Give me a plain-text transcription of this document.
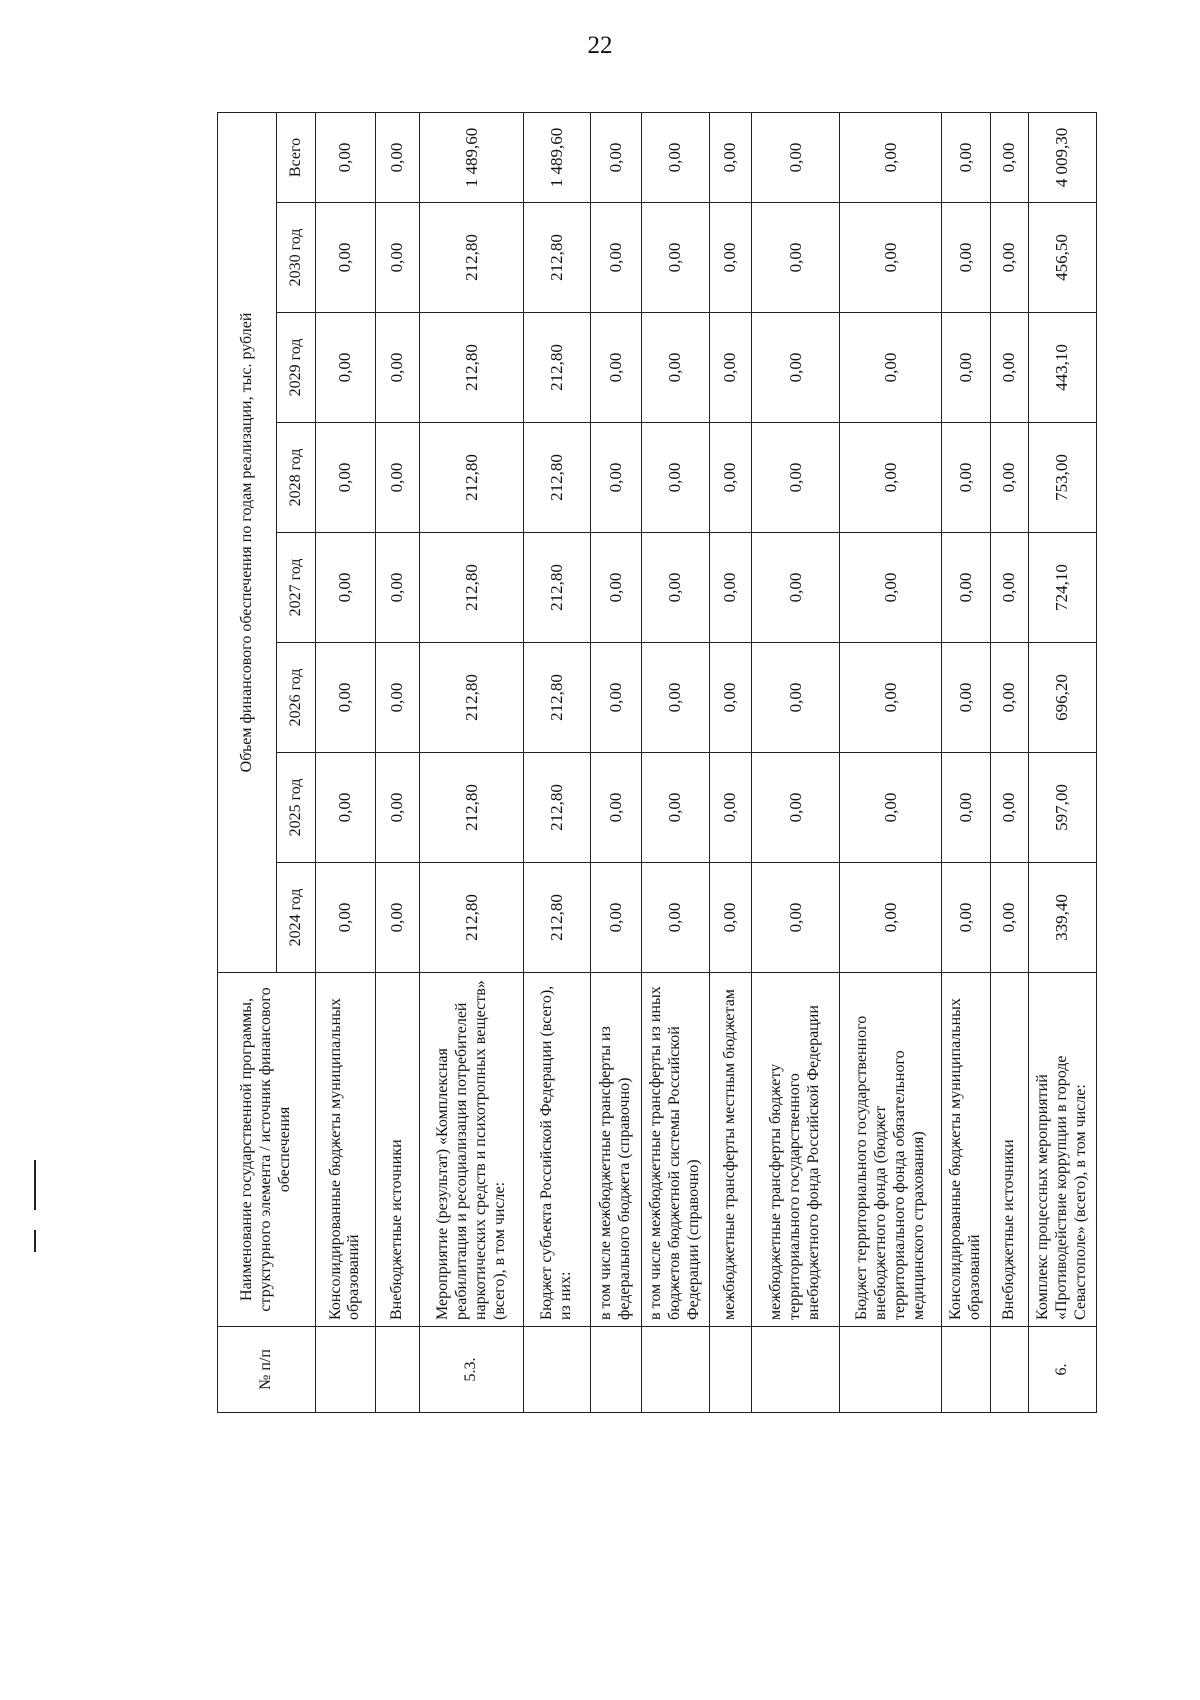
22
№ п/п	Наименование государственной программы, структурного элемента / источник финансового обеспечения	Объем финансового обеспечения по годам реализации, тыс. рублей							
		2024 год	2025 год	2026 год	2027 год	2028 год	2029 год	2030 год	Всего
	Консолидированные бюджеты муниципальных образований	0,00	0,00	0,00	0,00	0,00	0,00	0,00	0,00
	Внебюджетные источники	0,00	0,00	0,00	0,00	0,00	0,00	0,00	0,00
5.3.	Мероприятие (результат) «Комплексная реабилитация и ресоциализация потребителей наркотических средств и психотропных веществ» (всего), в том числе:	212,80	212,80	212,80	212,80	212,80	212,80	212,80	1 489,60
	Бюджет субъекта Российской Федерации (всего), из них:	212,80	212,80	212,80	212,80	212,80	212,80	212,80	1 489,60
	в том числе межбюджетные трансферты из федерального бюджета (справочно)	0,00	0,00	0,00	0,00	0,00	0,00	0,00	0,00
	в том числе межбюджетные трансферты из иных бюджетов бюджетной системы Российской Федерации (справочно)	0,00	0,00	0,00	0,00	0,00	0,00	0,00	0,00
	межбюджетные трансферты местным бюджетам	0,00	0,00	0,00	0,00	0,00	0,00	0,00	0,00
	межбюджетные трансферты бюджету территориального государственного внебюджетного фонда Российской Федерации	0,00	0,00	0,00	0,00	0,00	0,00	0,00	0,00
	Бюджет территориального государственного внебюджетного фонда (бюджет территориального фонда обязательного медицинского страхования)	0,00	0,00	0,00	0,00	0,00	0,00	0,00	0,00
	Консолидированные бюджеты муниципальных образований	0,00	0,00	0,00	0,00	0,00	0,00	0,00	0,00
	Внебюджетные источники	0,00	0,00	0,00	0,00	0,00	0,00	0,00	0,00
6.	Комплекс процессных мероприятий «Противодействие коррупции в городе Севастополе» (всего), в том числе:	339,40	597,00	696,20	724,10	753,00	443,10	456,50	4 009,30
